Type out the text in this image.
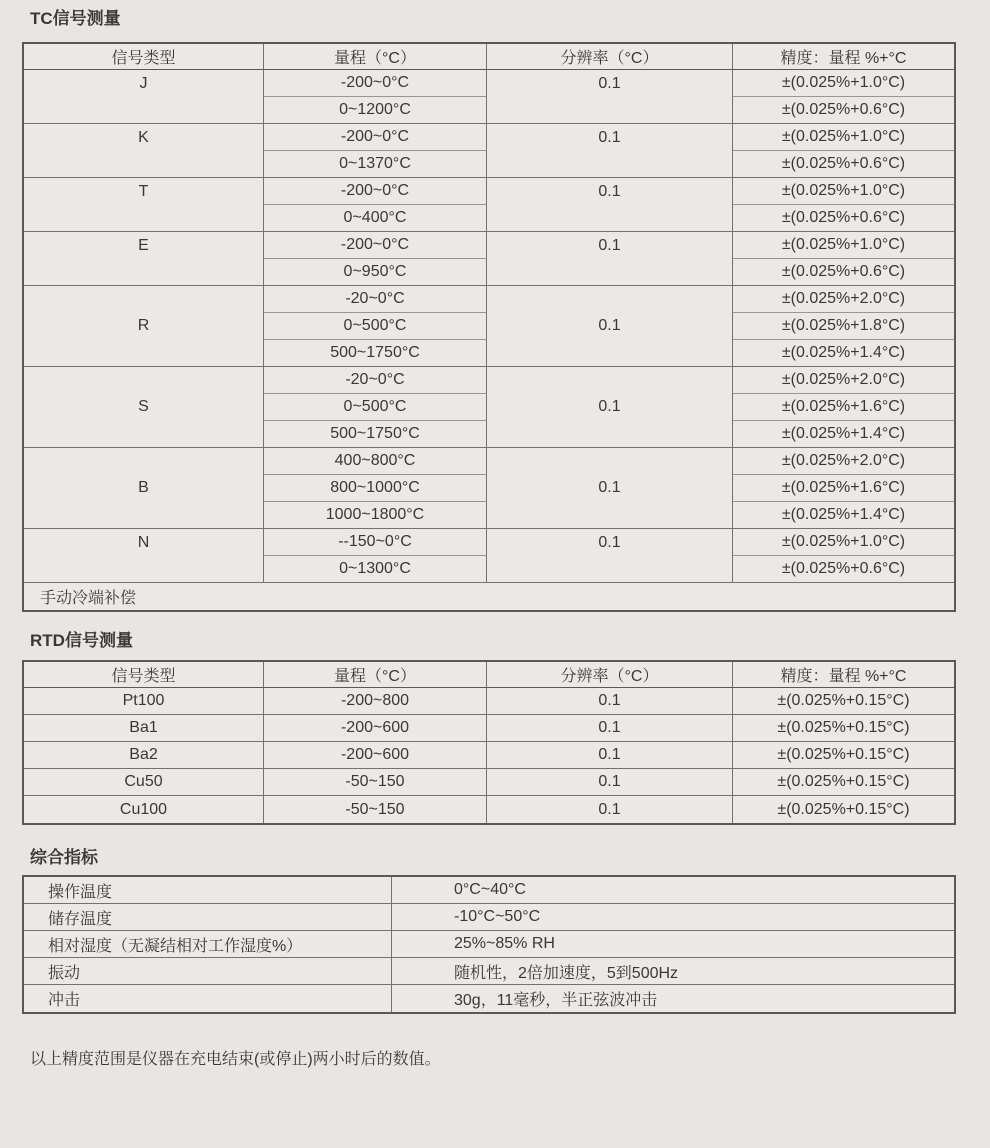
TC信号测量
信号类型	量程（°C）	分辨率（°C）	精度：量程 %+°C
J	-200~0°C	0.1	±(0.025%+1.0°C)
	0~1200°C		±(0.025%+0.6°C)
K	-200~0°C	0.1	±(0.025%+1.0°C)
	0~1370°C		±(0.025%+0.6°C)
T	-200~0°C	0.1	±(0.025%+1.0°C)
	0~400°C		±(0.025%+0.6°C)
E	-200~0°C	0.1	±(0.025%+1.0°C)
	0~950°C		±(0.025%+0.6°C)
R	-20~0°C	0.1	±(0.025%+2.0°C)
	0~500°C		±(0.025%+1.8°C)
	500~1750°C		±(0.025%+1.4°C)
S	-20~0°C	0.1	±(0.025%+2.0°C)
	0~500°C		±(0.025%+1.6°C)
	500~1750°C		±(0.025%+1.4°C)
B	400~800°C	0.1	±(0.025%+2.0°C)
	800~1000°C		±(0.025%+1.6°C)
	1000~1800°C		±(0.025%+1.4°C)
N	--150~0°C	0.1	±(0.025%+1.0°C)
	0~1300°C		±(0.025%+0.6°C)
手动冷端补偿			
RTD信号测量
信号类型	量程（°C）	分辨率（°C）	精度：量程 %+°C
Pt100	-200~800	0.1	±(0.025%+0.15°C)
Ba1	-200~600	0.1	±(0.025%+0.15°C)
Ba2	-200~600	0.1	±(0.025%+0.15°C)
Cu50	-50~150	0.1	±(0.025%+0.15°C)
Cu100	-50~150	0.1	±(0.025%+0.15°C)
综合指标
操作温度	0°C~40°C
储存温度	-10°C~50°C
相对湿度（无凝结相对工作湿度%）	25%~85% RH
振动	随机性，2倍加速度，5到500Hz
冲击	30g，11毫秒，半正弦波冲击
以上精度范围是仪器在充电结束(或停止)两小时后的数值。
